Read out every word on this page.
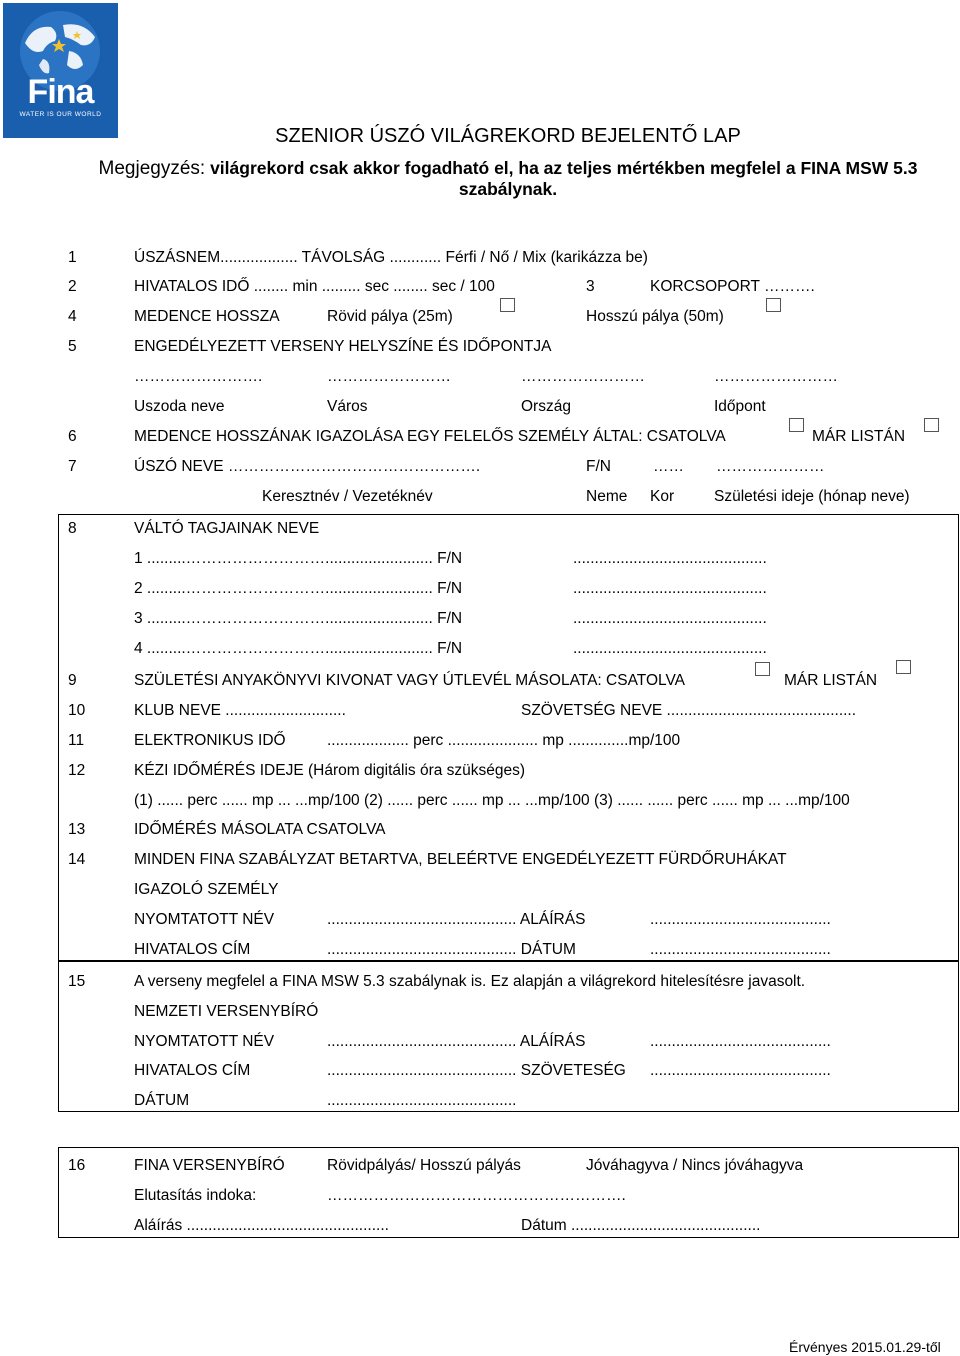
Fina
WATER IS OUR WORLD
SZENIOR ÚSZÓ VILÁGREKORD BEJELENTŐ LAP
Megjegyzés: világrekord csak akkor fogadható el, ha az teljes mértékben megfelel a FINA MSW 5.3 szabálynak.
1	ÚSZÁSNEM.................. TÁVOLSÁG ............ Férfi / Nő / Mix (karikázza be)
2	HIVATALOS IDŐ ........ min ......... sec ........ sec / 100	3	KORCSOPORT ……….
4	MEDENCE HOSSZA	Rövid pálya (25m)	Hosszú pálya (50m)
5	ENGEDÉLYEZETT VERSENY HELYSZÍNE ÉS IDŐPONTJA
…………………….	……………………	……………………	……………………
Uszoda neve	Város	Ország	Időpont
6	MEDENCE HOSSZÁNAK IGAZOLÁSA EGY FELELŐS SZEMÉLY ÁLTAL: CSATOLVA	MÁR LISTÁN
7	ÚSZÓ NEVE ………………………………………….	F/N	…… …………………
Keresztnév / Vezetéknév	Neme Kor	Születési ideje (hónap neve)
8	VÁLTÓ TAGJAINAK NEVE
1 .........………………………......................... F/N	.............................................
2 .........………………………......................... F/N	.............................................
3 .........………………………......................... F/N	.............................................
4 .........………………………......................... F/N	.............................................
9	SZÜLETÉSI ANYAKÖNYVI KIVONAT VAGY ÚTLEVÉL MÁSOLATA: CSATOLVA	MÁR LISTÁN
10	KLUB NEVE ............................	SZÖVETSÉG NEVE ............................................
11	ELEKTRONIKUS IDŐ	................... perc ..................... mp ..............mp/100
12	KÉZI IDŐMÉRÉS IDEJE (Három digitális óra szükséges)
(1) ...... perc ...... mp ... ...mp/100 (2) ...... perc ...... mp ... ...mp/100 (3) ...... ...... perc ...... mp ... ...mp/100
13	IDŐMÉRÉS MÁSOLATA CSATOLVA
14	MINDEN FINA SZABÁLYZAT BETARTVA, BELEÉRTVE ENGEDÉLYEZETT FÜRDŐRUHÁKAT
IGAZOLÓ SZEMÉLY
NYOMTATOTT NÉV	............................................ ALÁÍRÁS	..........................................
HIVATALOS CÍM	............................................ DÁTUM	..........................................
15	A verseny megfelel a FINA MSW 5.3 szabálynak is. Ez alapján a világrekord hitelesítésre javasolt.
NEMZETI VERSENYBÍRÓ
NYOMTATOTT NÉV	............................................ ALÁÍRÁS	..........................................
HIVATALOS CÍM	............................................ SZÖVETESÉG ..........................................
DÁTUM	............................................
16	FINA VERSENYBÍRÓ	Rövidpályás/ Hosszú pályás	Jóváhagyva / Nincs jóváhagyva
Elutasítás indoka:	………………………………………………….
Aláírás ...............................................	Dátum ............................................
Érvényes 2015.01.29-től
